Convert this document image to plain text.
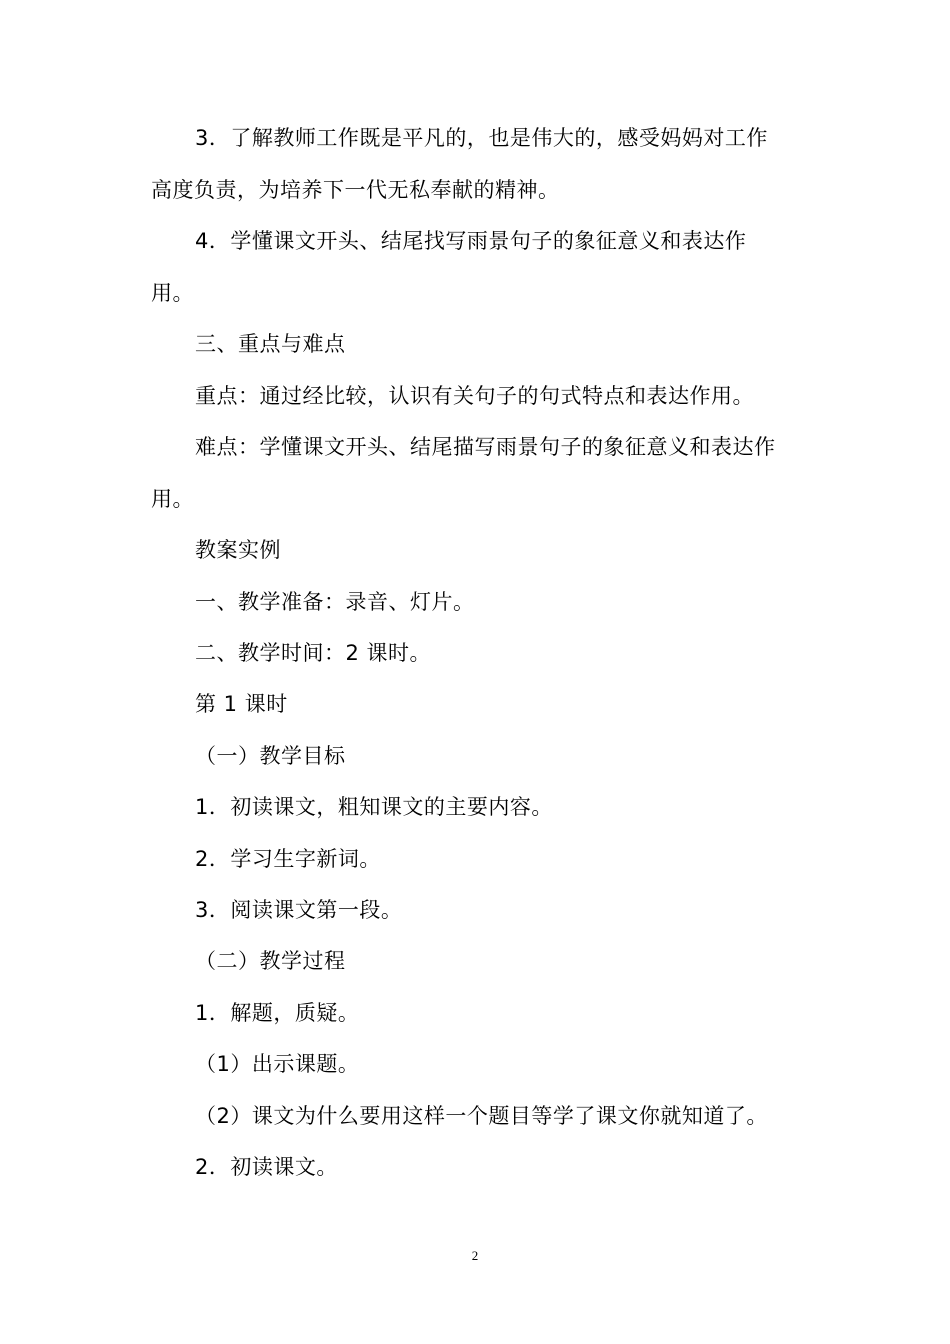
3．了解教师工作既是平凡的，也是伟大的，感受妈妈对工作

高度负责，为培养下一代无私奉献的精神。

4．学懂课文开头、结尾找写雨景句子的象征意义和表达作

用。

三、重点与难点

重点：通过经比较，认识有关句子的句式特点和表达作用。

难点：学懂课文开头、结尾描写雨景句子的象征意义和表达作

用。

教案实例

一、教学准备：录音、灯片。

二、教学时间：2 课时。

第 1 课时

（一）教学目标

1．初读课文，粗知课文的主要内容。

2．学习生字新词。

3．阅读课文第一段。

（二）教学过程

1．解题，质疑。

（1）出示课题。

（2）课文为什么要用这样一个题目等学了课文你就知道了。

2．初读课文。

2
